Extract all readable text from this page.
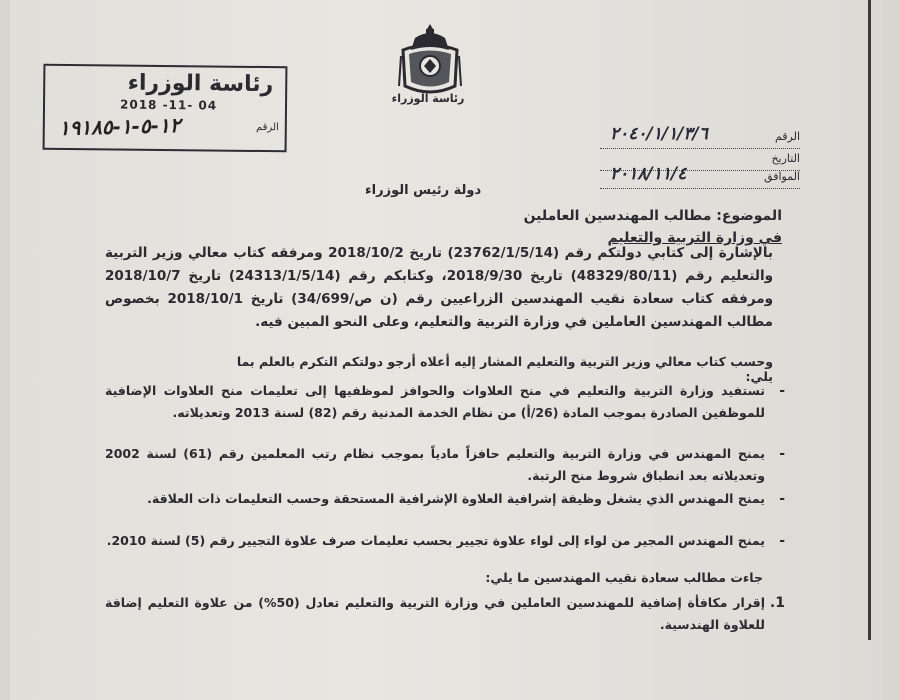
رئاسة الوزراء
رئاسة الوزراء
2018 -11- 04
الرقم
١٢-٥-١-١٩١٨٥	الرقم
٢٠٤٠/١/١/٣/٦
التاريخ
الموافق
٢٠١٨/١١/٤
دولة رئيس الوزراء
الموضوع: مطالب المهندسين العاملين
في وزارة التربية والتعليم
بالإشارة إلى كتابي دولتكم رقم (23762/1/5/14) تاريخ 2018/10/2 ومرفقه كتاب معالي وزير التربية والتعليم رقم (48329/80/11) تاريخ 2018/9/30، وكتابكم رقم (24313/1/5/14) تاريخ 2018/10/7 ومرفقه كتاب سعادة نقيب المهندسين الزراعيين رقم (ن ص/34/699) تاريخ 2018/10/1 بخصوص مطالب المهندسين العاملين في وزارة التربية والتعليم، وعلى النحو المبين فيه.
وحسب كتاب معالي وزير التربية والتعليم المشار إليه أعلاه أرجو دولتكم التكرم بالعلم بما يلي:
-
تستفيد وزارة التربية والتعليم في منح العلاوات والحوافز لموظفيها إلى تعليمات منح العلاوات الإضافية للموظفين الصادرة بموجب المادة (26/أ) من نظام الخدمة المدنية رقم (82) لسنة 2013 وتعديلاته.
-
يمنح المهندس في وزارة التربية والتعليم حافزاً مادياً بموجب نظام رتب المعلمين رقم (61) لسنة 2002 وتعديلاته بعد انطباق شروط منح الرتبة.
-
يمنح المهندس الذي يشغل وظيفة إشرافية العلاوة الإشرافية المستحقة وحسب التعليمات ذات العلاقة.
-
يمنح المهندس المجير من لواء إلى لواء علاوة تجيير بحسب تعليمات صرف علاوة التجيير رقم (5) لسنة 2010.
جاءت مطالب سعادة نقيب المهندسين ما يلي:
1.
إقرار مكافأة إضافية للمهندسين العاملين في وزارة التربية والتعليم تعادل (50%) من علاوة التعليم إضافة للعلاوة الهندسية.
